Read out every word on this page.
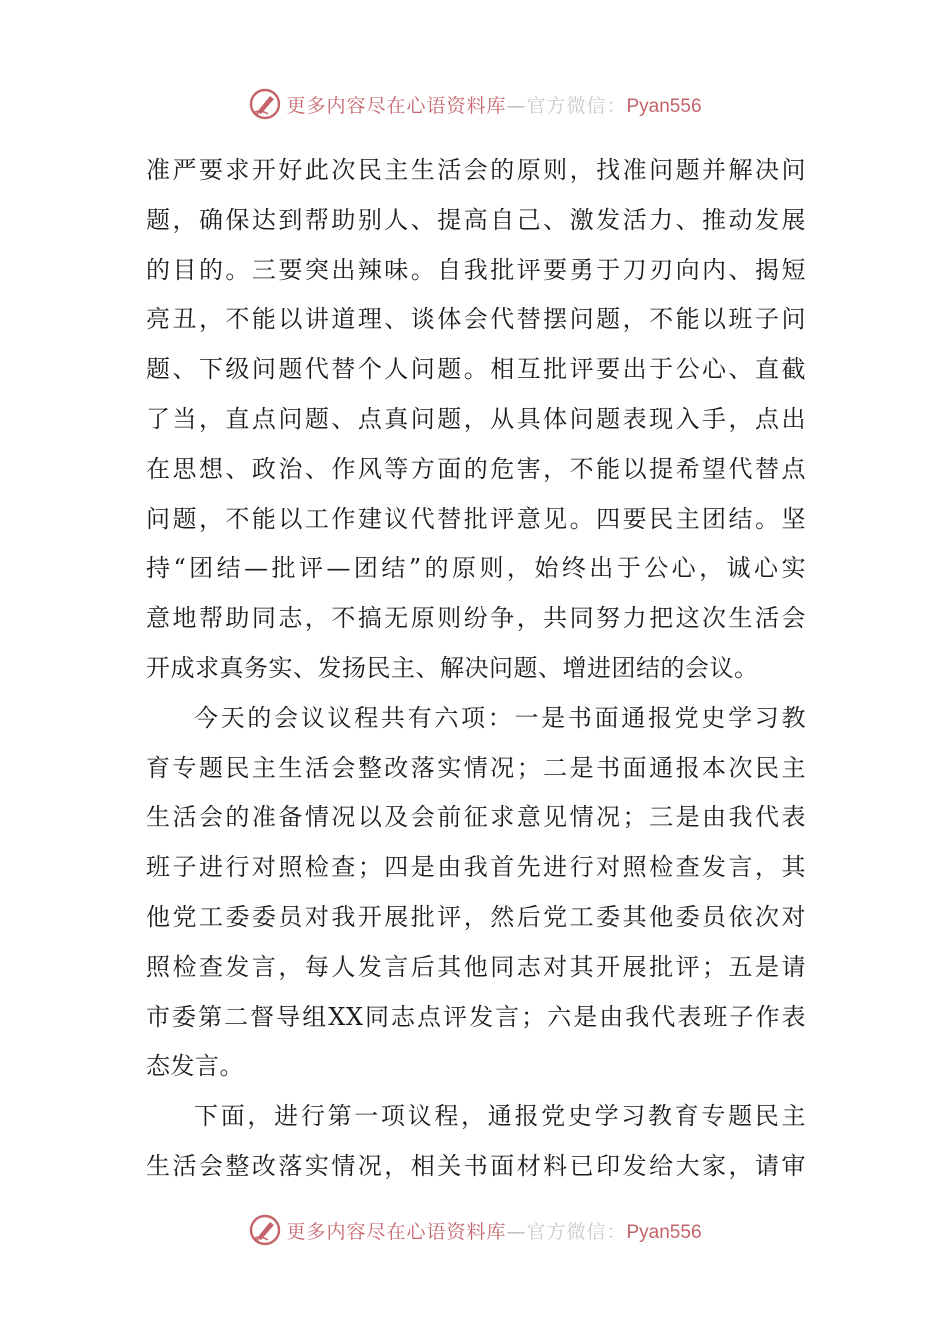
更多内容尽在心语资料库—官方微信：Pyan556
准严要求开好此次民主生活会的原则，找准问题并解决问
题，确保达到帮助别人、提高自己、激发活力、推动发展
的目的。三要突出辣味。自我批评要勇于刀刃向内、揭短
亮丑，不能以讲道理、谈体会代替摆问题，不能以班子问
题、下级问题代替个人问题。相互批评要出于公心、直截
了当，直点问题、点真问题，从具体问题表现入手，点出
在思想、政治、作风等方面的危害，不能以提希望代替点
问题，不能以工作建议代替批评意见。四要民主团结。坚
持“团结—批评—团结”的原则，始终出于公心，诚心实
意地帮助同志，不搞无原则纷争，共同努力把这次生活会
开成求真务实、发扬民主、解决问题、增进团结的会议。
今天的会议议程共有六项：一是书面通报党史学习教
育专题民主生活会整改落实情况；二是书面通报本次民主
生活会的准备情况以及会前征求意见情况；三是由我代表
班子进行对照检查；四是由我首先进行对照检查发言，其
他党工委委员对我开展批评，然后党工委其他委员依次对
照检查发言，每人发言后其他同志对其开展批评；五是请
市委第二督导组XX同志点评发言；六是由我代表班子作表
态发言。
下面，进行第一项议程，通报党史学习教育专题民主
生活会整改落实情况，相关书面材料已印发给大家，请审
更多内容尽在心语资料库—官方微信：Pyan556
